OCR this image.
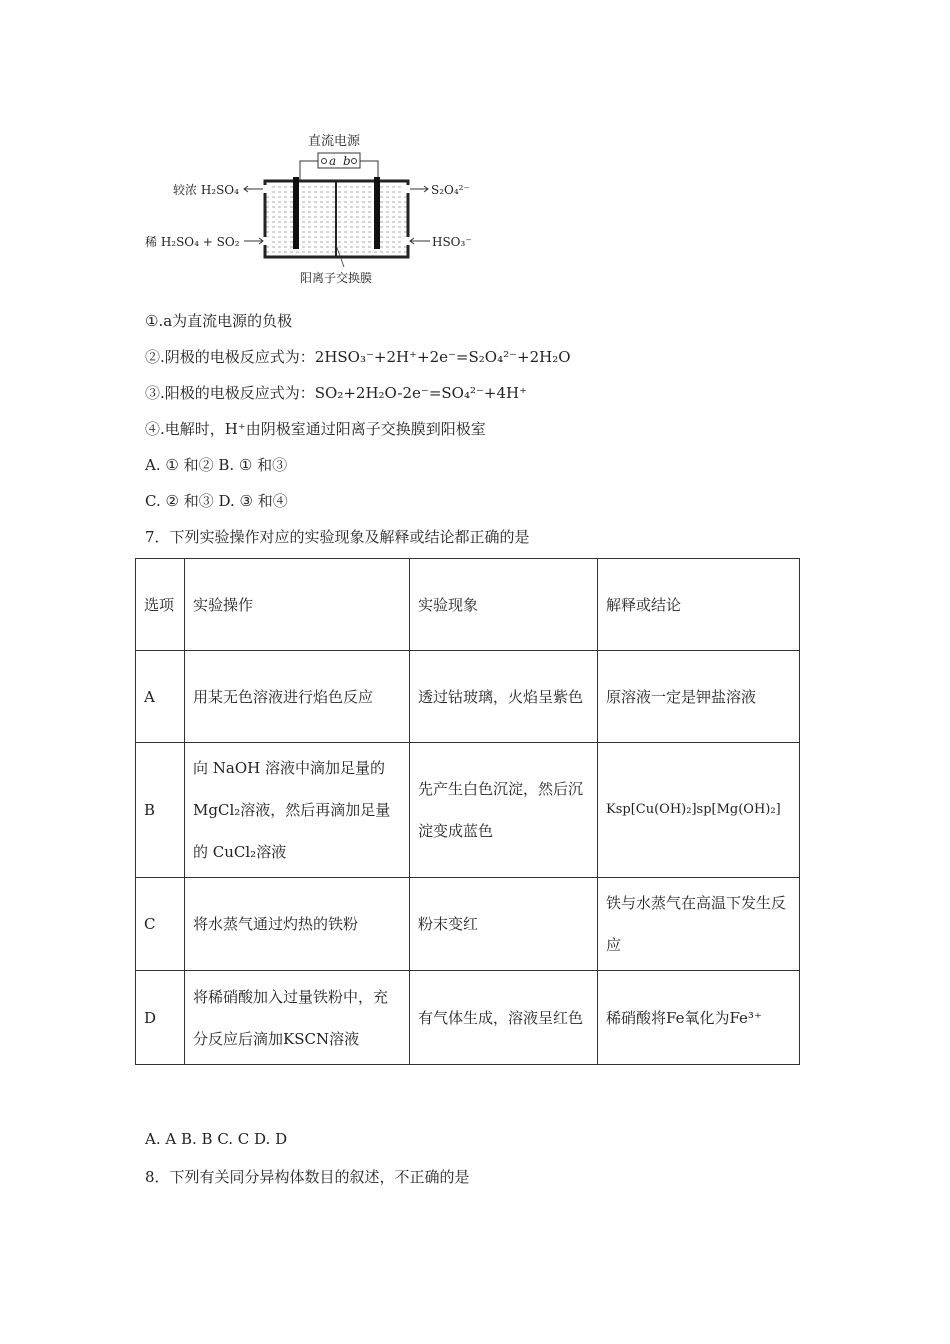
直流电源
a b
较浓 H₂SO₄
稀 H₂SO₄ + SO₂
S₂O₄²⁻
HSO₃⁻
阳离子交换膜
①.a为直流电源的负极
②.阴极的电极反应式为：2HSO₃⁻+2H⁺+2e⁻=S₂O₄²⁻+2H₂O
③.阳极的电极反应式为：SO₂+2H₂O-2e⁻=SO₄²⁻+4H⁺
④.电解时，H⁺由阴极室通过阳离子交换膜到阳极室
A. ① 和② B. ① 和③
C. ② 和③ D. ③ 和④
7．下列实验操作对应的实验现象及解释或结论都正确的是
选项	实验操作	实验现象	解释或结论
A	用某无色溶液进行焰色反应	透过钴玻璃，火焰呈紫色	原溶液一定是钾盐溶液
B	向 NaOH 溶液中滴加足量的 MgCl₂溶液，然后再滴加足量的 CuCl₂溶液	先产生白色沉淀，然后沉淀变成蓝色	Ksp[Cu(OH)₂]sp[Mg(OH)₂]
C	将水蒸气通过灼热的铁粉	粉末变红	铁与水蒸气在高温下发生反应
D	将稀硝酸加入过量铁粉中，充分反应后滴加KSCN溶液	有气体生成，溶液呈红色	稀硝酸将Fe氧化为Fe³⁺
A. A B. B C. C D. D
8．下列有关同分异构体数目的叙述，不正确的是
